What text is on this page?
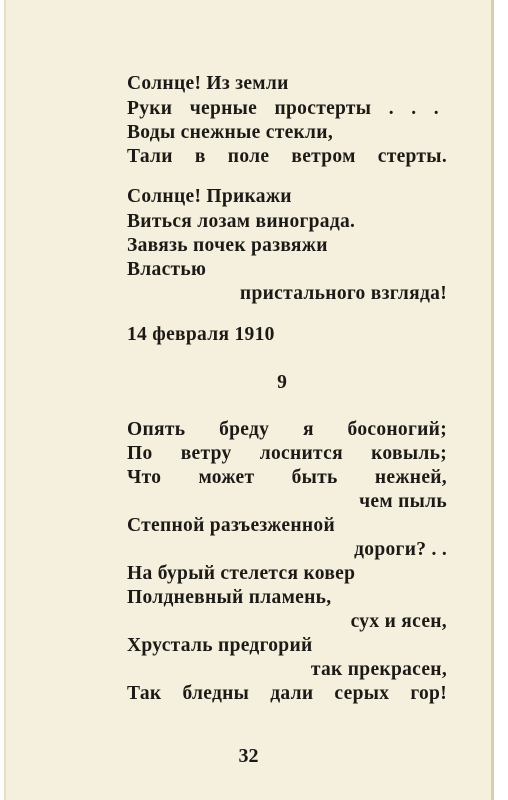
Солнце! Из земли
Руки черные простерты . . .
Воды снежные стекли,
Тали в поле ветром стерты.
Солнце! Прикажи
Виться лозам винограда.
Завязь почек развяжи
Властью
пристального взгляда!
14 февраля 1910
9
Опять бреду я босоногий;
По ветру лоснится ковыль;
Что может быть нежней,
чем пыль
Степной разъезженной
дороги? . .
На бурый стелется ковер
Полдневный пламень,
сух и ясен,
Хрусталь предгорий
так прекрасен,
Так бледны дали серых гор!
32
